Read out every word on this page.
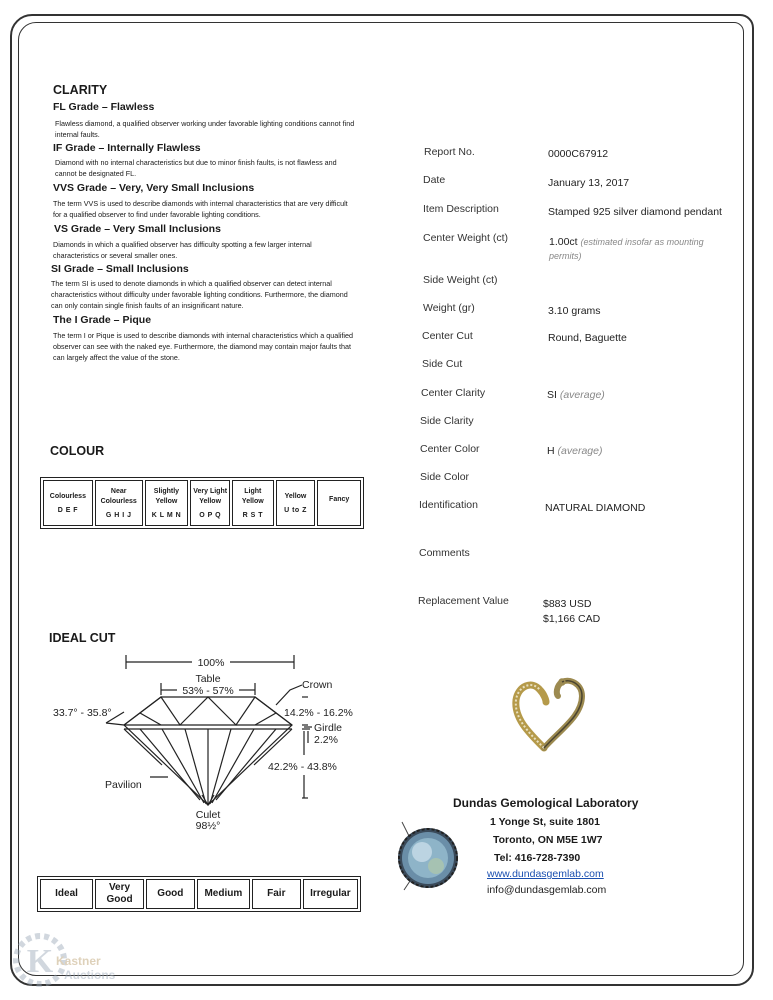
CLARITY
FL Grade – Flawless
Flawless diamond, a qualified observer working under favorable lighting conditions cannot find internal faults.
IF Grade – Internally Flawless
Diamond with no internal characteristics but due to minor finish faults, is not flawless and cannot be designated FL.
VVS Grade – Very, Very Small Inclusions
The term VVS is used to describe diamonds with internal characteristics that are very difficult for a qualified observer to find under favorable lighting conditions.
VS Grade – Very Small Inclusions
Diamonds in which a qualified observer has difficulty spotting a few larger internal characteristics or several smaller ones.
SI Grade – Small Inclusions
The term SI is used to denote diamonds in which a qualified observer can detect internal characteristics without difficulty under favorable lighting conditions. Furthermore, the diamond can only contain single finish faults of an insignificant nature.
The I Grade – Pique
The term I or Pique is used to describe diamonds with internal characteristics which a qualified observer can see with the naked eye. Furthermore, the diamond may contain major faults that can largely affect the value of the stone.
COLOUR
Colourless
D E F

Near Colourless
G H I J

Slightly Yellow
K L M N

Very Light Yellow
O P Q

Light Yellow
R S T

Yellow
U to Z

Fancy
IDEAL CUT
100%
Table
53% - 57%	Crown
33.7° - 35.8°	14.2% - 16.2%
Girdle
2.2%
42.2% - 43.8%
Pavilion
Culet
98½°
Ideal	Very Good	Good	Medium	Fair	Irregular
Report No.	0000C67912
Date	January 13, 2017
Item Description	Stamped 925 silver diamond pendant
Center Weight (ct)	1.00ct (estimated insofar as mounting permits)
Side Weight (ct)
Weight (gr)	3.10 grams
Center Cut	Round, Baguette
Side Cut
Center Clarity	SI (average)
Side Clarity
Center Color	H (average)
Side Color
Identification	NATURAL DIAMOND
Comments
Replacement Value	$883 USD
$1,166 CAD
Dundas Gemological Laboratory
1 Yonge St, suite 1801
Toronto, ON M5E 1W7
Tel: 416-728-7390
www.dundasgemlab.com
info@dundasgemlab.com
K Kastner
Auctions
